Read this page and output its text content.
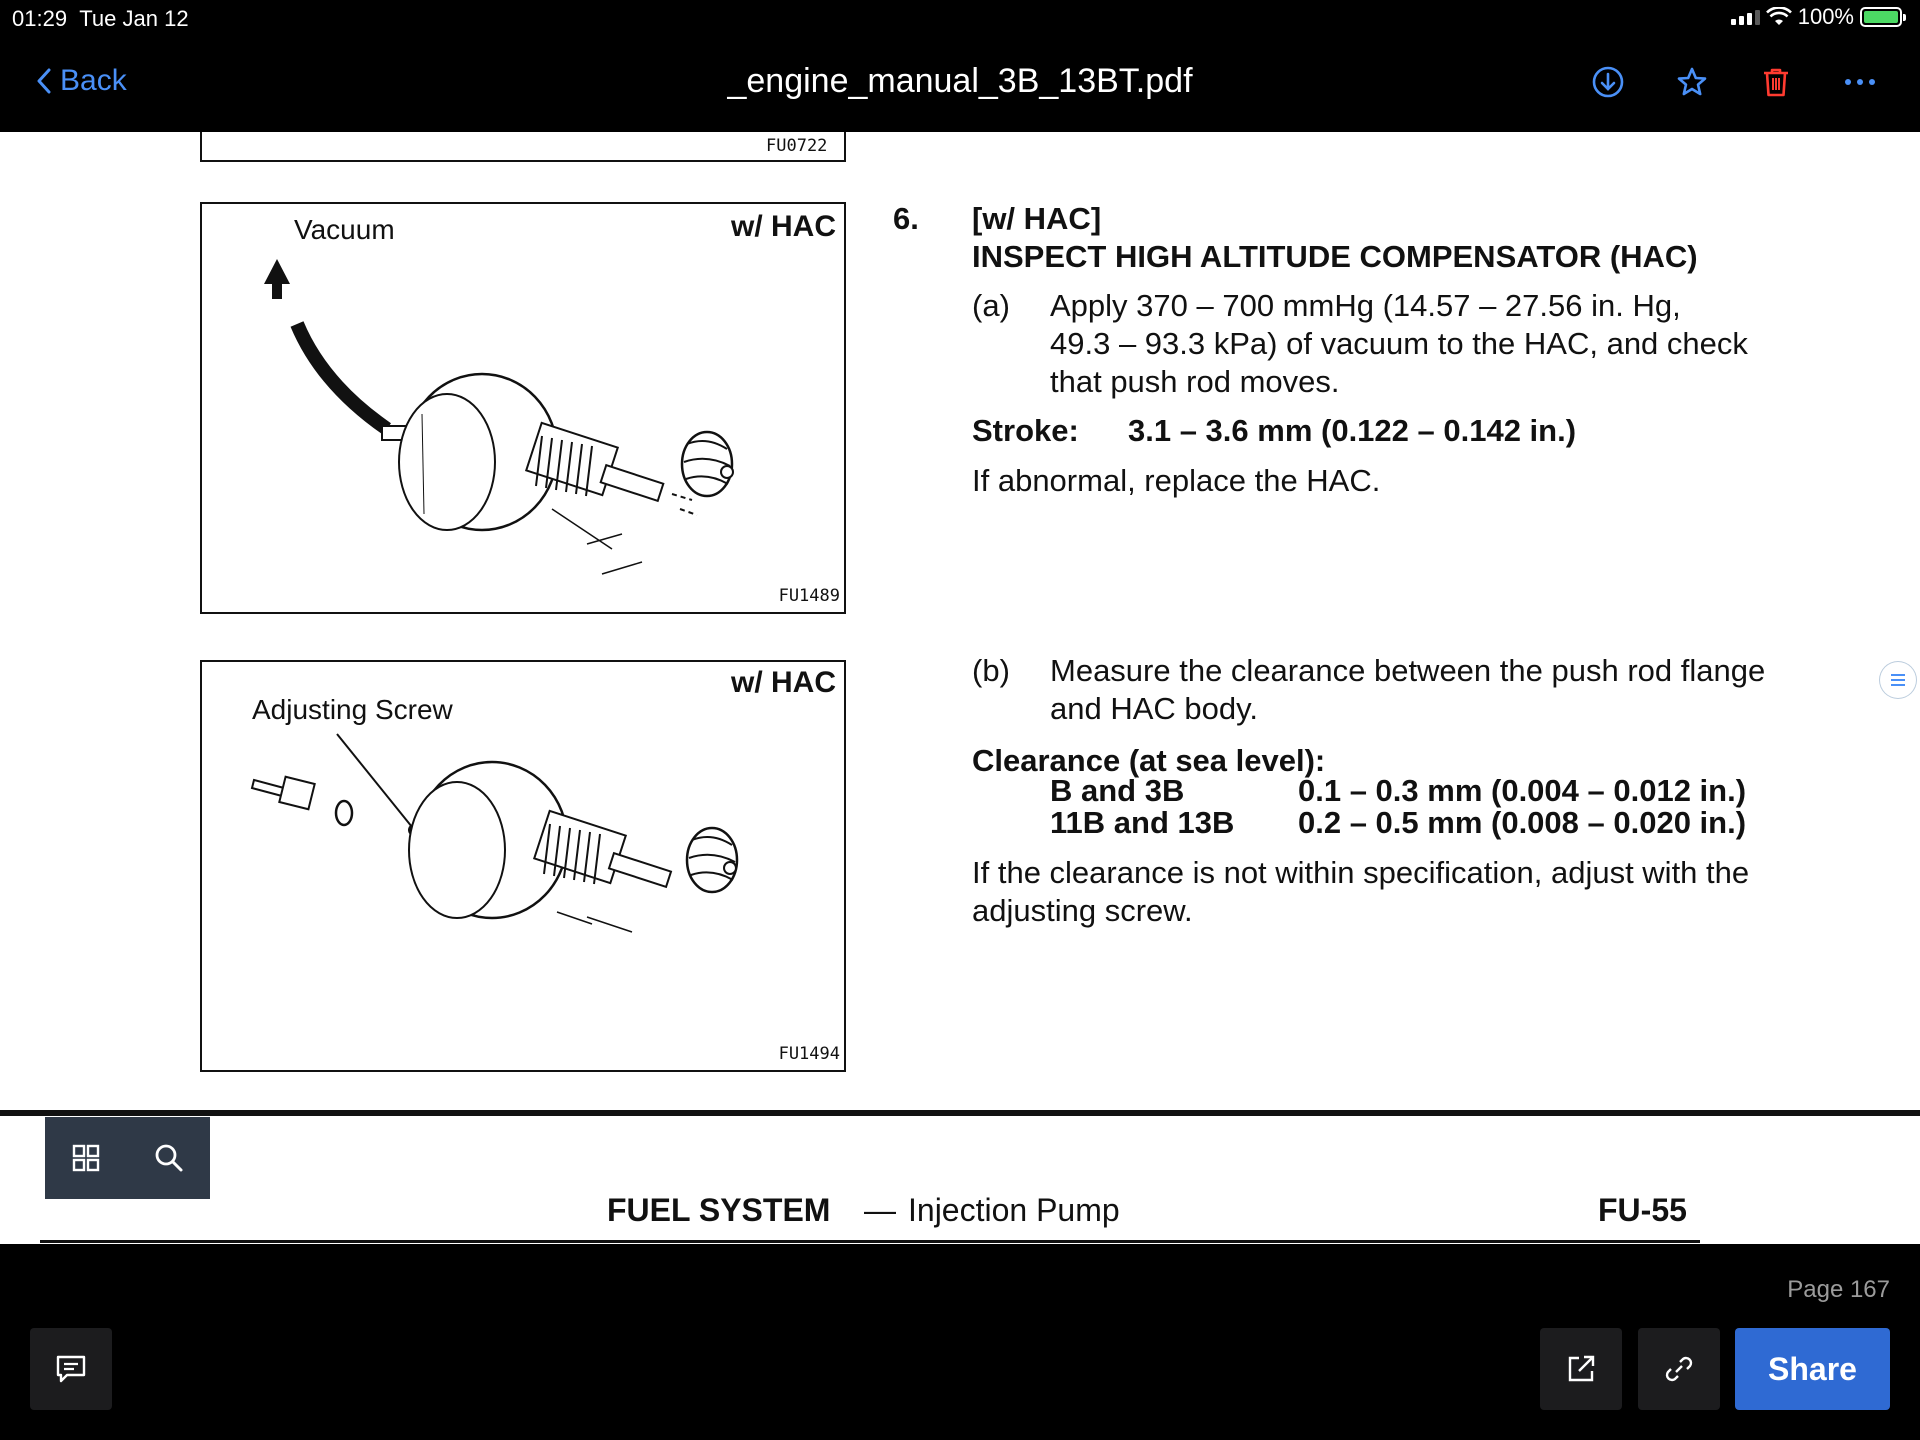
01:29 Tue Jan 12	100%
Back	_engine_manual_3B_13BT.pdf
FU0722
Vacuum	w/ HAC
FU1489
Adjusting Screw
w/ HAC
FU1494
6. [w/ HAC]
INSPECT HIGH ALTITUDE COMPENSATOR (HAC)
(a) Apply 370 – 700 mmHg (14.57 – 27.56 in. Hg,
49.3 – 93.3 kPa) of vacuum to the HAC, and check
that push rod moves.
Stroke: 3.1 – 3.6 mm (0.122 – 0.142 in.)
If abnormal, replace the HAC.
(b) Measure the clearance between the push rod flange
and HAC body.
Clearance (at sea level):
B and 3B	0.1 – 0.3 mm (0.004 – 0.012 in.)
11B and 13B 0.2 – 0.5 mm (0.008 – 0.020 in.)
If the clearance is not within specification, adjust with the
adjusting screw.
FUEL SYSTEM — Injection Pump	FU-55
Page 167
Share
